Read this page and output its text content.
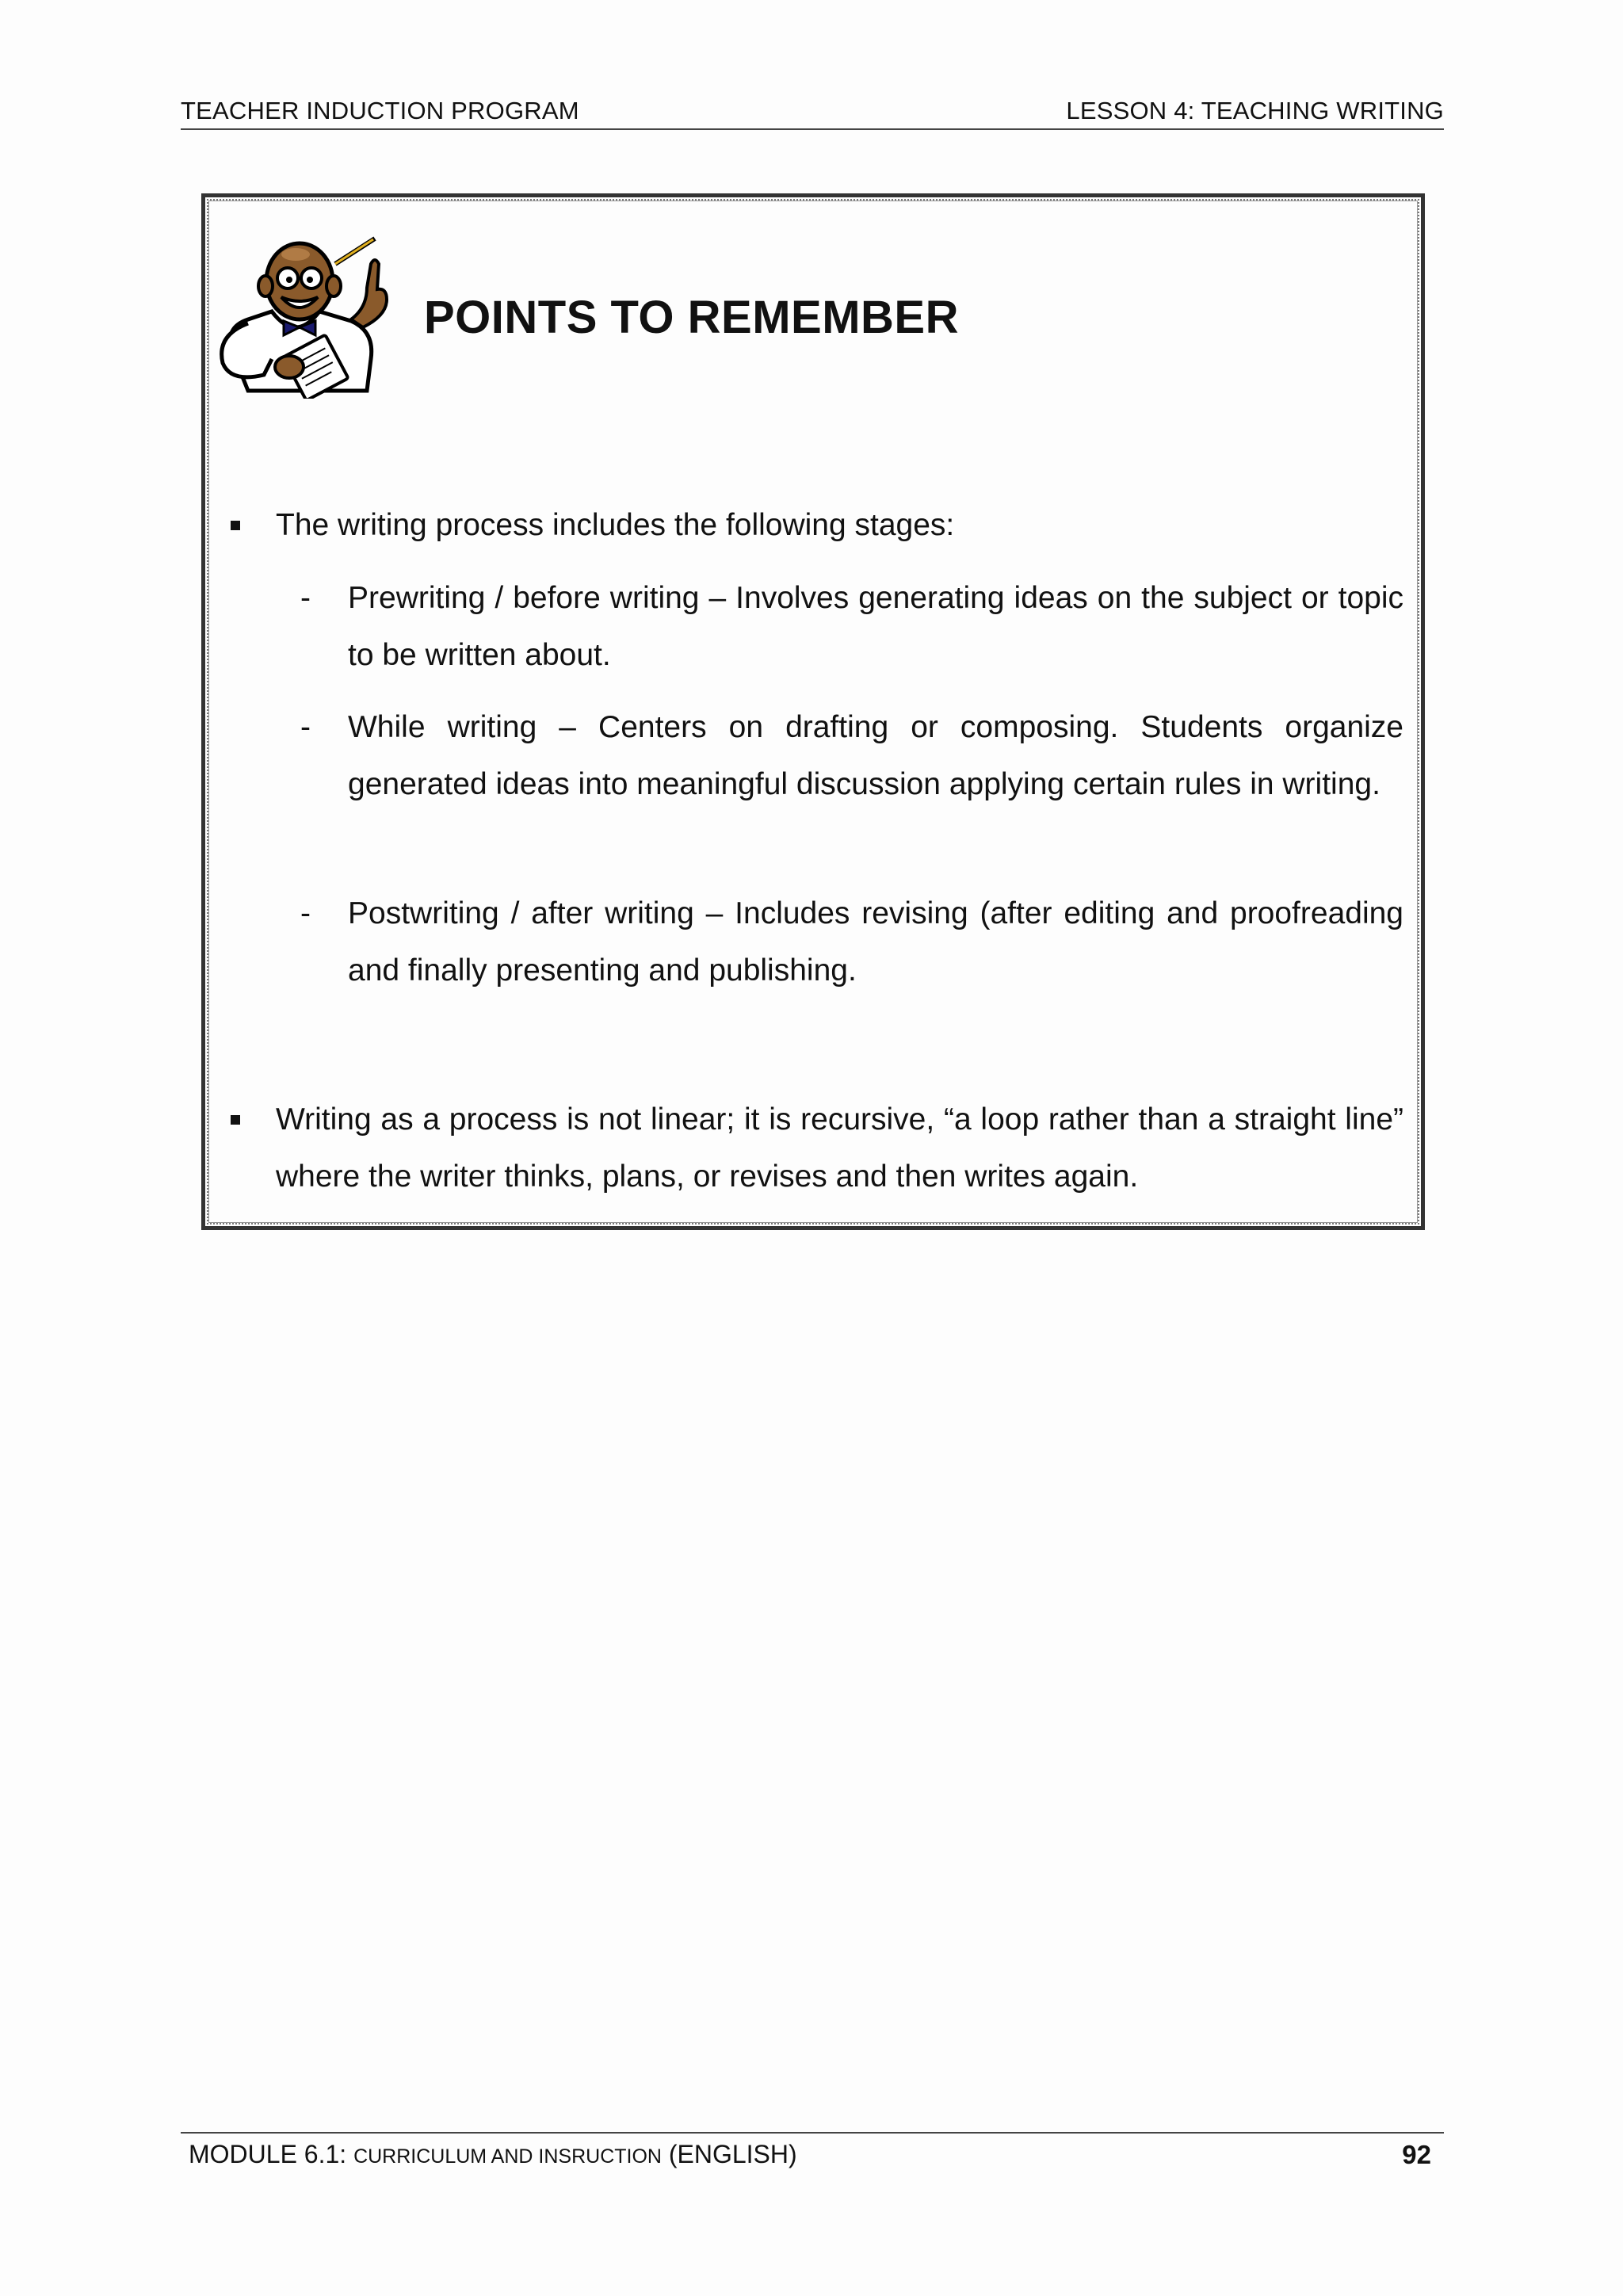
TEACHER INDUCTION PROGRAM	LESSON 4: TEACHING WRITING
POINTS TO REMEMBER
The writing process includes the following stages:
- Prewriting / before writing – Involves generating ideas on the subject or topic to be written about.
- While writing – Centers on drafting or composing. Students organize generated ideas into meaningful discussion applying certain rules in writing.
- Postwriting / after writing – Includes revising (after editing and proofreading and finally presenting and publishing.
Writing as a process is not linear; it is recursive, “a loop rather than a straight line” where the writer thinks, plans, or revises and then writes again.
MODULE 6.1: CURRICULUM AND INSRUCTION (ENGLISH)	92
